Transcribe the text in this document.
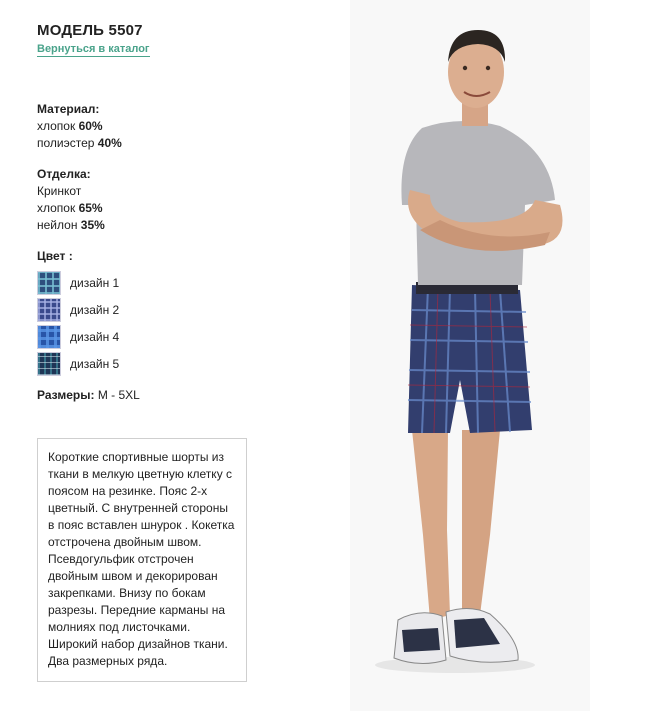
МОДЕЛЬ 5507
Вернуться в каталог
Материал:
хлопок 60%
полиэстер 40%
Отделка:
Кринкот
хлопок 65%
нейлон 35%
Цвет :
дизайн 1
дизайн 2
дизайн 4
дизайн 5
Размеры: M - 5XL
Короткие спортивные шорты из ткани в мелкую цветную клетку с поясом на резинке. Пояс 2-х цветный. С внутренней стороны в пояс вставлен шнурок . Кокетка отстрочена двойным швом. Псевдогульфик отстрочен двойным швом и декорирован закрепками. Внизу по бокам разрезы. Передние карманы на молниях под листочками. Широкий набор дизайнов ткани. Два размерных ряда.
